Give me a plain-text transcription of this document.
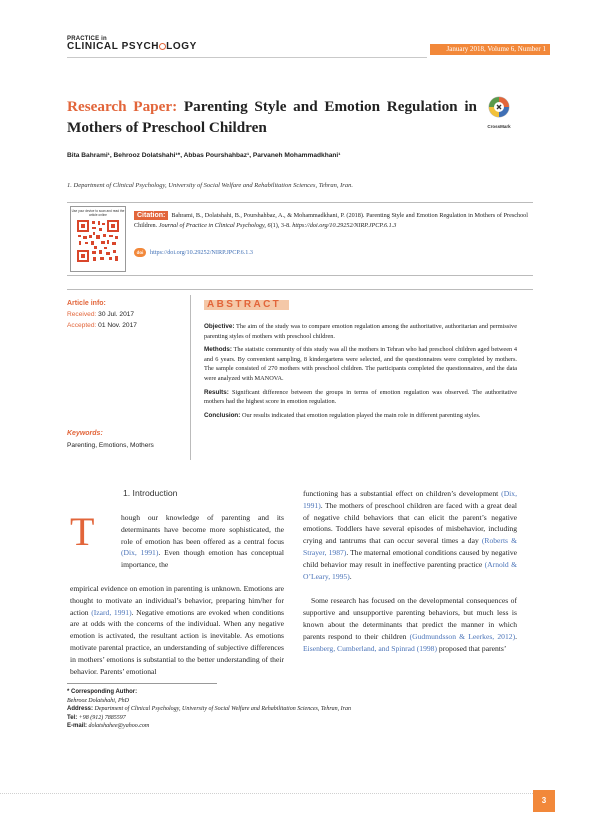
PRACTICE in
CLINICAL PSYCH LOGY	January 2018, Volume 6, Number 1
Research Paper: Parenting Style and Emotion Regulation in Mothers of Preschool Children	CrossMark
Bita Bahrami¹, Behrooz Dolatshahi¹*, Abbas Pourshahbaz¹, Parvaneh Mohammadkhani¹
1. Department of Clinical Psychology, University of Social Welfare and Rehabilitation Sciences, Tehran, Iran.
Use your device to scan and read the article online	Citation: Bahrami, B., Dolatshahi, B., Pourshahbaz, A., & Mohammadkhani, P. (2018). Parenting Style and Emotion Regulation in Mothers of Preschool Children. Journal of Practice in Clinical Psychology, 6(1), 3-8. https://doi.org/10.29252/NIRP.JPCP.6.1.3
doi	https://doi.org/10.29252/NIRP.JPCP.6.1.3
Article info:
Received: 30 Jul. 2017
Accepted: 01 Nov. 2017
Keywords:
Parenting, Emotions, Mothers
ABSTRACT

Objective: The aim of the study was to compare emotion regulation among the authoritative, authoritarian and permissive parenting styles of mothers with preschool children.

Methods: The statistic community of this study was all the mothers in Tehran who had preschool children aged between 4 and 6 years. By convenient sampling, 8 kindergartens were selected, and the questionnaires were completed by mothers. The sample consisted of 270 mothers with preschool children. The participants completed the questionnaires, and the data were analyzed with MANOVA.

Results: Significant difference between the groups in terms of emotion regulation was observed. The authoritative mothers had the highest score in emotion regulation.

Conclusion: Our results indicated that emotion regulation played the main role in different parenting styles.

1. Introduction
T	hough our knowledge of parenting and its determinants have become more sophisticated, the role of emotion has been offered as a central focus (Dix, 1991). Even though emotion has conceptual importance, the

empirical evidence on emotion in parenting is unknown. Emotions are thought to motivate an individual’s behavior, preparing him/her for action (Izard, 1991). Negative emotions are evoked when conditions are at odds with the concerns of the individual. When any negative emotion is activated, the resultant action is inevitable. As emotions motivate parental practice, an understanding of subjective differences in mothers’ emotions is substantial to the better understanding of their behavior. Parents’ emotional

functioning has a substantial effect on children’s development (Dix, 1991). The mothers of preschool children are faced with a great deal of negative child behaviors that can elicit the parent’s negative emotions. Toddlers have several episodes of misbehavior, including crying and tantrums that can occur several times a day (Roberts & Strayer, 1987). The maternal emotional conditions caused by negative child behavior may result in ineffective parenting practice (Arnold & O’Leary, 1995).

Some research has focused on the developmental consequences of supportive and unsupportive parenting behaviors, but much less is known about the determinants that predict the manner in which parents respond to their children (Gudmundsson & Leerkes, 2012). Eisenberg, Cumberland, and Spinrad (1998) proposed that parents’

* Corresponding Author:
Behrooz Dolatshahi, PhD
Address: Department of Clinical Psychology, University of Social Welfare and Rehabilitation Sciences, Tehran, Iran
Tel: +98 (912) 7885597
E-mail: dolatshahee@yahoo.com
3
